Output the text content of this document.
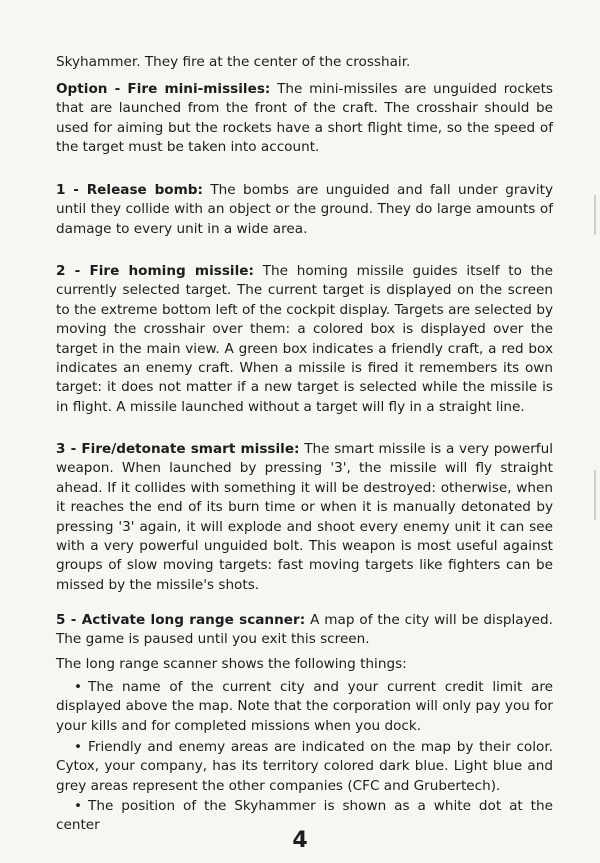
Skyhammer. They fire at the center of the crosshair.

Option - Fire mini-missiles: The mini-missiles are unguided rockets that are launched from the front of the craft. The crosshair should be used for aiming but the rockets have a short flight time, so the speed of the target must be taken into account.

1 - Release bomb: The bombs are unguided and fall under gravity until they collide with an object or the ground. They do large amounts of damage to every unit in a wide area.

2 - Fire homing missile: The homing missile guides itself to the currently selected target. The current target is displayed on the screen to the extreme bottom left of the cockpit display. Targets are selected by moving the crosshair over them: a colored box is displayed over the target in the main view. A green box indicates a friendly craft, a red box indicates an enemy craft. When a missile is fired it remembers its own target: it does not matter if a new target is selected while the missile is in flight. A missile launched without a target will fly in a straight line.

3 - Fire/detonate smart missile: The smart missile is a very powerful weapon. When launched by pressing '3', the missile will fly straight ahead. If it collides with something it will be destroyed: otherwise, when it reaches the end of its burn time or when it is manually detonated by pressing '3' again, it will explode and shoot every enemy unit it can see with a very powerful unguided bolt. This weapon is most useful against groups of slow moving targets: fast moving targets like fighters can be missed by the missile's shots.

5 - Activate long range scanner: A map of the city will be displayed. The game is paused until you exit this screen.

The long range scanner shows the following things:

• The name of the current city and your current credit limit are displayed above the map. Note that the corporation will only pay you for your kills and for completed missions when you dock.

• Friendly and enemy areas are indicated on the map by their color. Cytox, your company, has its territory colored dark blue. Light blue and grey areas represent the other companies (CFC and Grubertech).

• The position of the Skyhammer is shown as a white dot at the center

4
